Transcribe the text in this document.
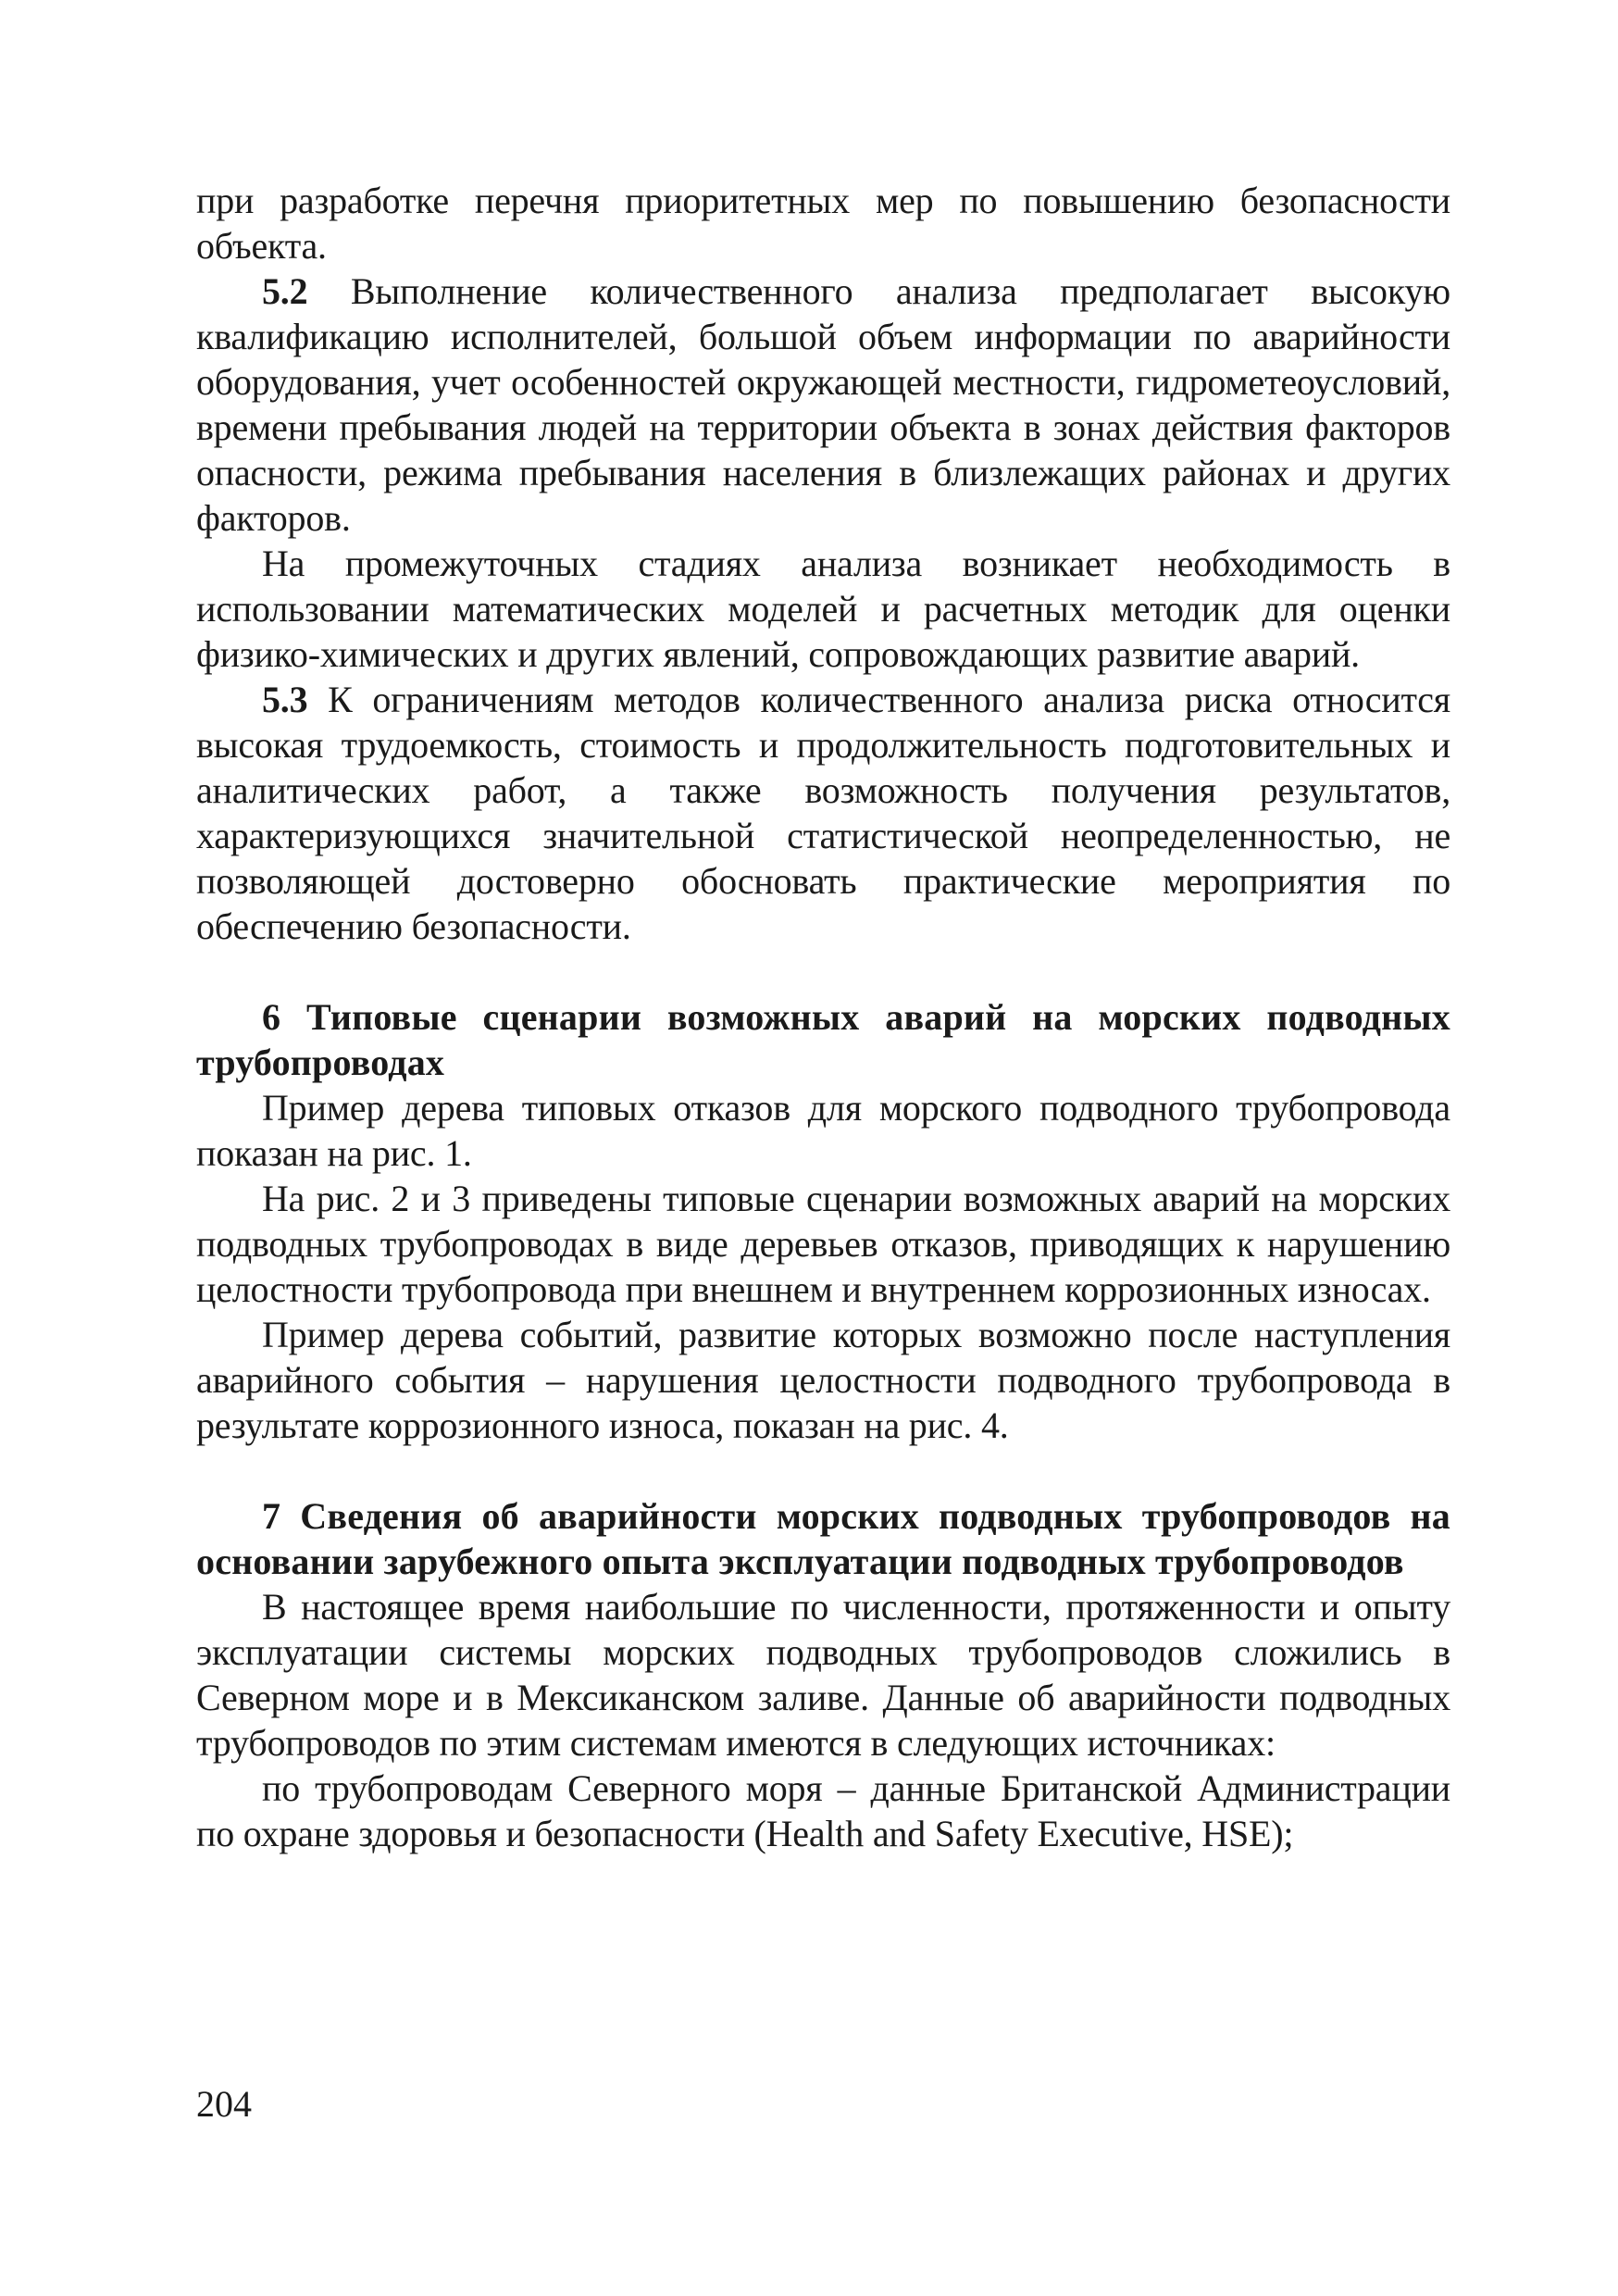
при разработке перечня приоритетных мер по повышению безопасности объекта.

5.2 Выполнение количественного анализа предполагает высокую квалификацию исполнителей, большой объем информации по аварийности оборудования, учет особенностей окружающей местности, гидрометеоусловий, времени пребывания людей на территории объекта в зонах действия факторов опасности, режима пребывания населения в близлежащих районах и других факторов.

На промежуточных стадиях анализа возникает необходимость в использовании математических моделей и расчетных методик для оценки физико-химических и других явлений, сопровождающих развитие аварий.

5.3 К ограничениям методов количественного анализа риска относится высокая трудоемкость, стоимость и продолжительность подготовительных и аналитических работ, а также возможность получения результатов, характеризующихся значительной статистической неопределенностью, не позволяющей достоверно обосновать практические мероприятия по обеспечению безопасности.

6 Типовые сценарии возможных аварий на морских подводных трубопроводах

Пример дерева типовых отказов для морского подводного трубопровода показан на рис. 1.

На рис. 2 и 3 приведены типовые сценарии возможных аварий на морских подводных трубопроводах в виде деревьев отказов, приводящих к нарушению целостности трубопровода при внешнем и внутреннем коррозионных износах.

Пример дерева событий, развитие которых возможно после наступления аварийного события – нарушения целостности подводного трубопровода в результате коррозионного износа, показан на рис. 4.

7 Сведения об аварийности морских подводных трубопроводов на основании зарубежного опыта эксплуатации подводных трубопроводов

В настоящее время наибольшие по численности, протяженности и опыту эксплуатации системы морских подводных трубопроводов сложились в Северном море и в Мексиканском заливе. Данные об аварийности подводных трубопроводов по этим системам имеются в следующих источниках:

по трубопроводам Северного моря – данные Британской Администрации по охране здоровья и безопасности (Health and Safety Executive, HSE);

204
